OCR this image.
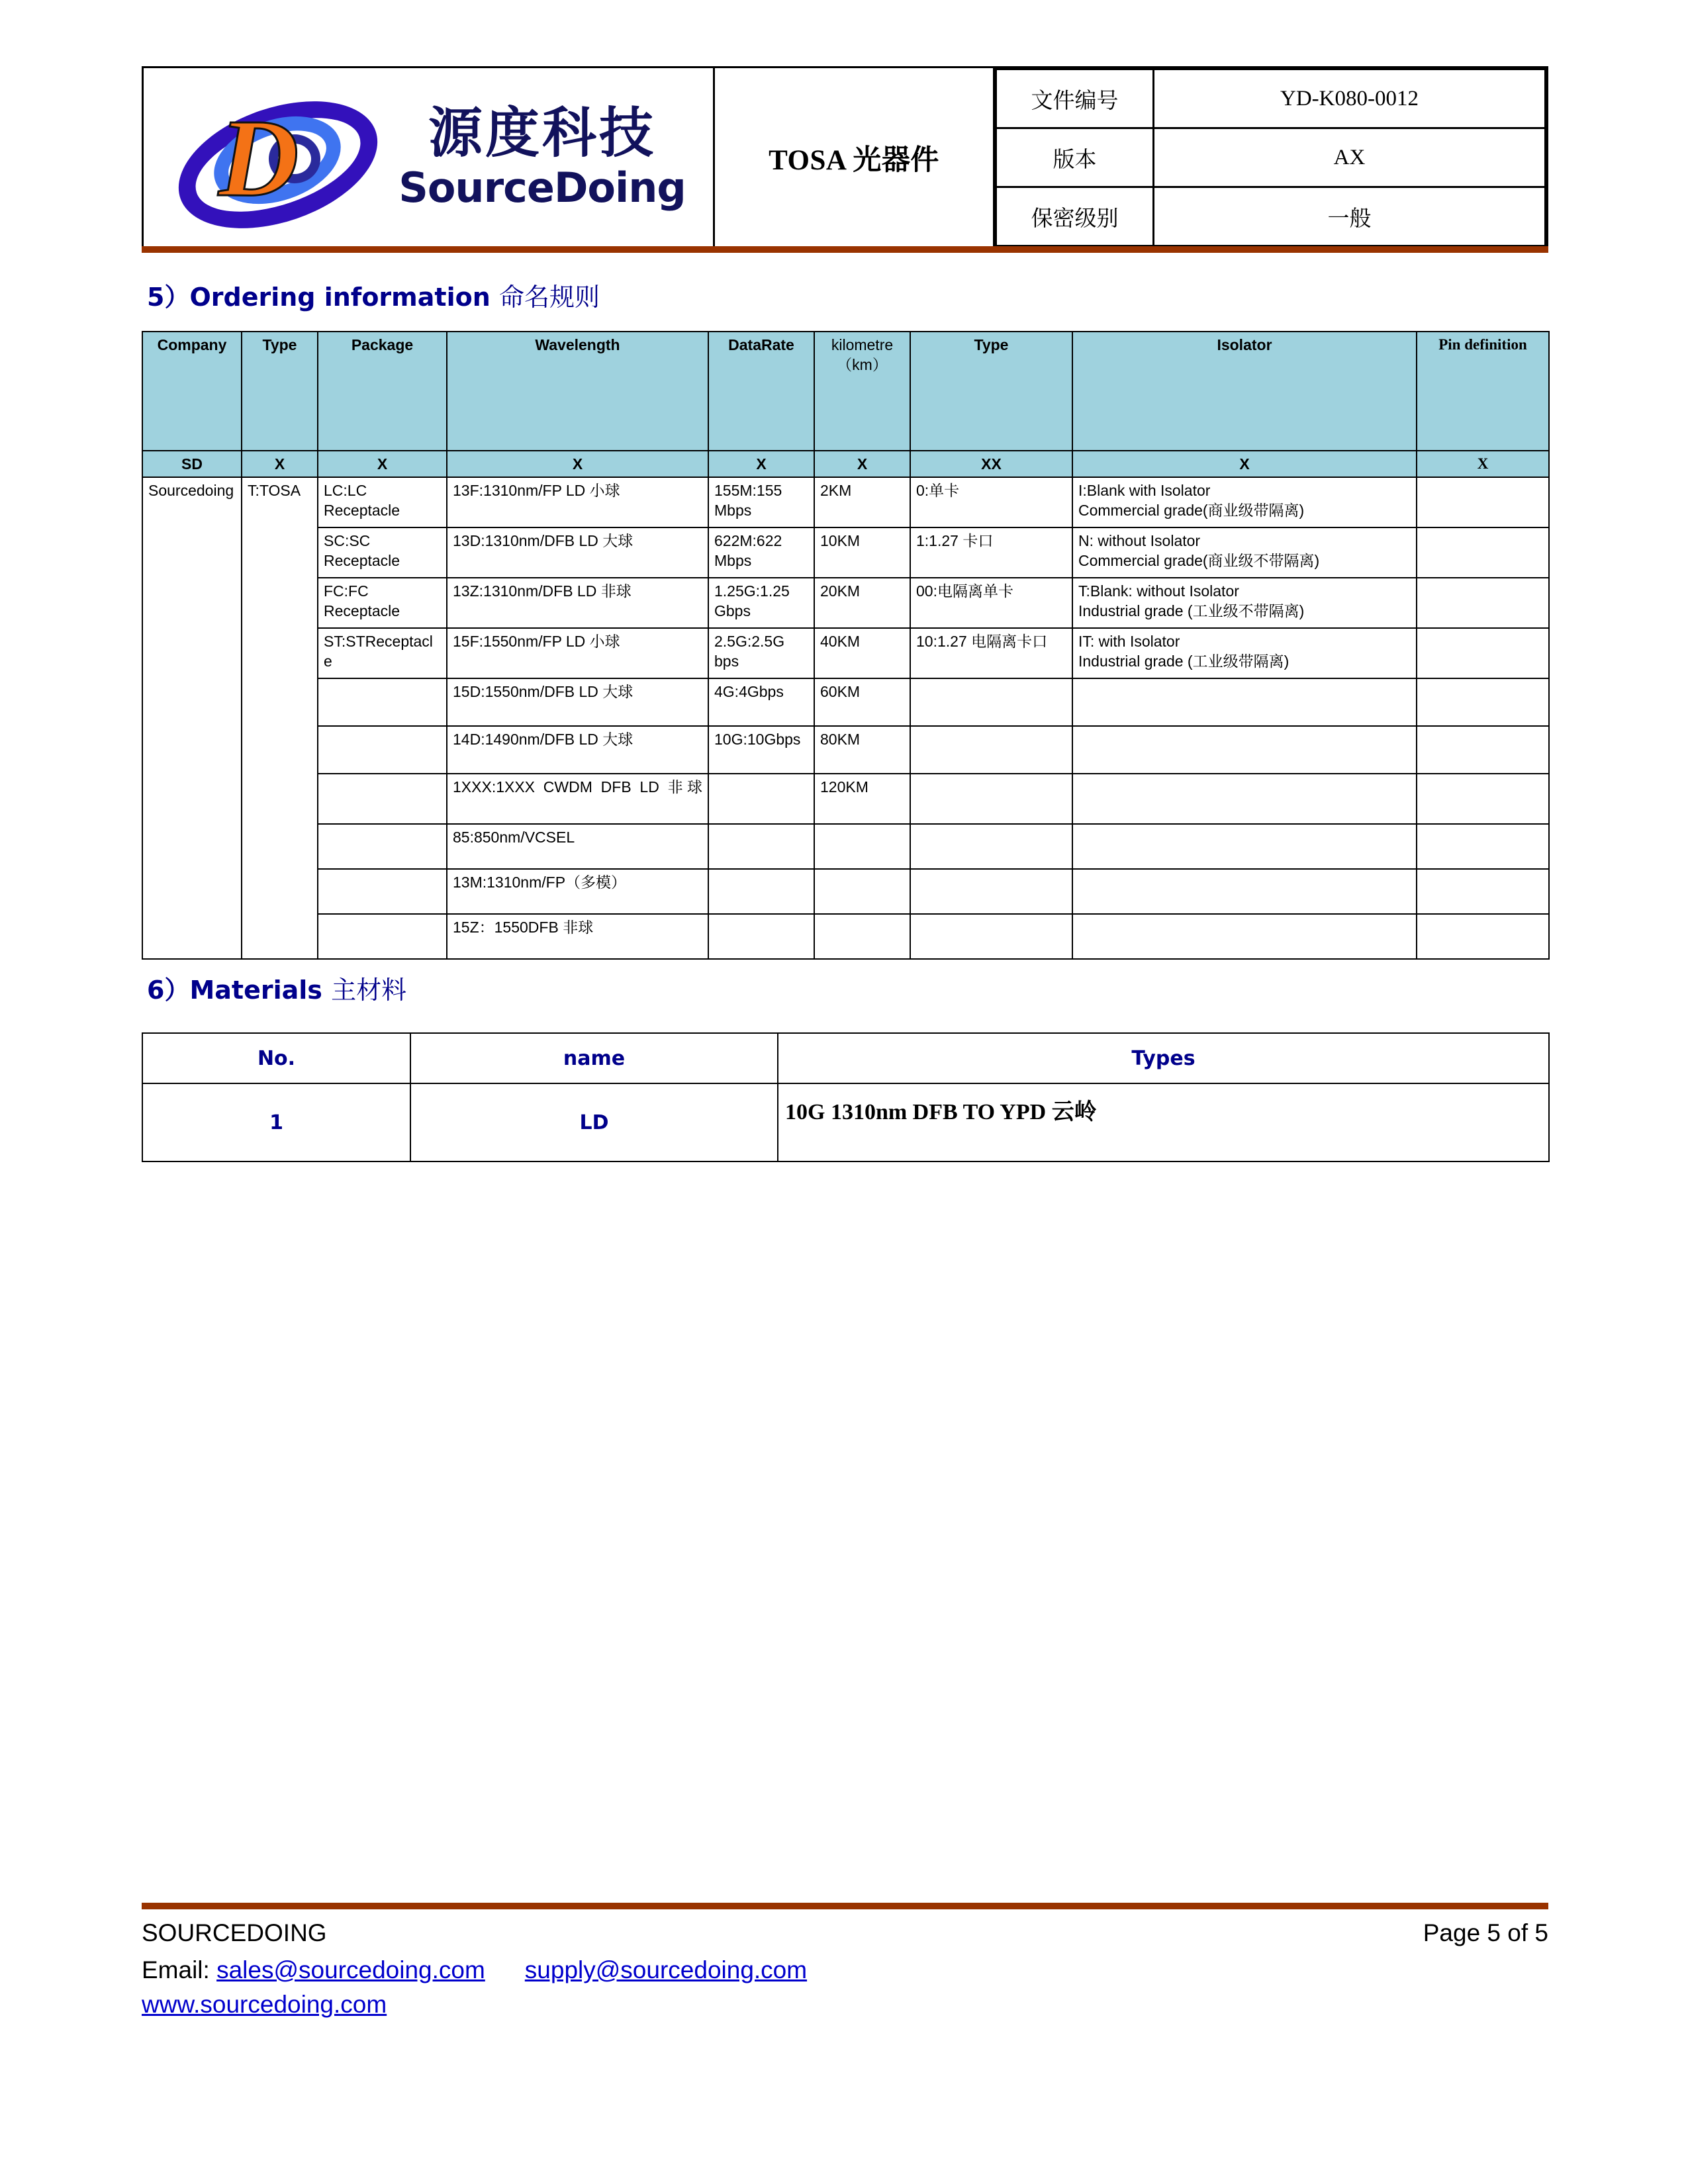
D	源度科技
SourceDoing
	TOSA 光器件	
文件编号	YD-K080-0012
版本	AX
保密级别	一般
5）Ordering information 命名规则
Company	Type	Package	Wavelength	DataRate	kilometre（km）	Type	Isolator	Pin definition
SD	X	X	X	X	X	XX	X	X
Sourcedoing	T:TOSA	LC:LC Receptacle	13F:1310nm/FP LD 小球	155M:155 Mbps	2KM	0:单卡	I:Blank with Isolator
Commercial grade(商业级带隔离)	

		SC:SC Receptacle	13D:1310nm/DFB LD 大球	622M:622 Mbps	10KM	1:1.27 卡口	N: without Isolator
Commercial grade(商业级不带隔离)	

		FC:FC Receptacle	13Z:1310nm/DFB LD 非球	1.25G:1.25 Gbps	20KM	00:电隔离单卡	T:Blank: without Isolator
Industrial grade (工业级不带隔离)	

		ST:STReceptacle	15F:1550nm/FP LD 小球	2.5G:2.5G bps	40KM	10:1.27 电隔离卡口	IT: with Isolator
Industrial grade (工业级带隔离)	

			15D:1550nm/DFB LD 大球	4G:4Gbps	60KM			
			14D:1490nm/DFB LD 大球	10G:10Gbps	80KM			
			1XXX:1XXX CWDM DFB LD 非球		120KM			
			85:850nm/VCSEL					
			13M:1310nm/FP（多模）					
			15Z：1550DFB 非球					
6）Materials 主材料
No.	name	Types
1	LD	10G 1310nm DFB TO YPD 云岭
SOURCEDOING	Page 5 of 5
Email: sales@sourcedoing.com supply@sourcedoing.com
www.sourcedoing.com
